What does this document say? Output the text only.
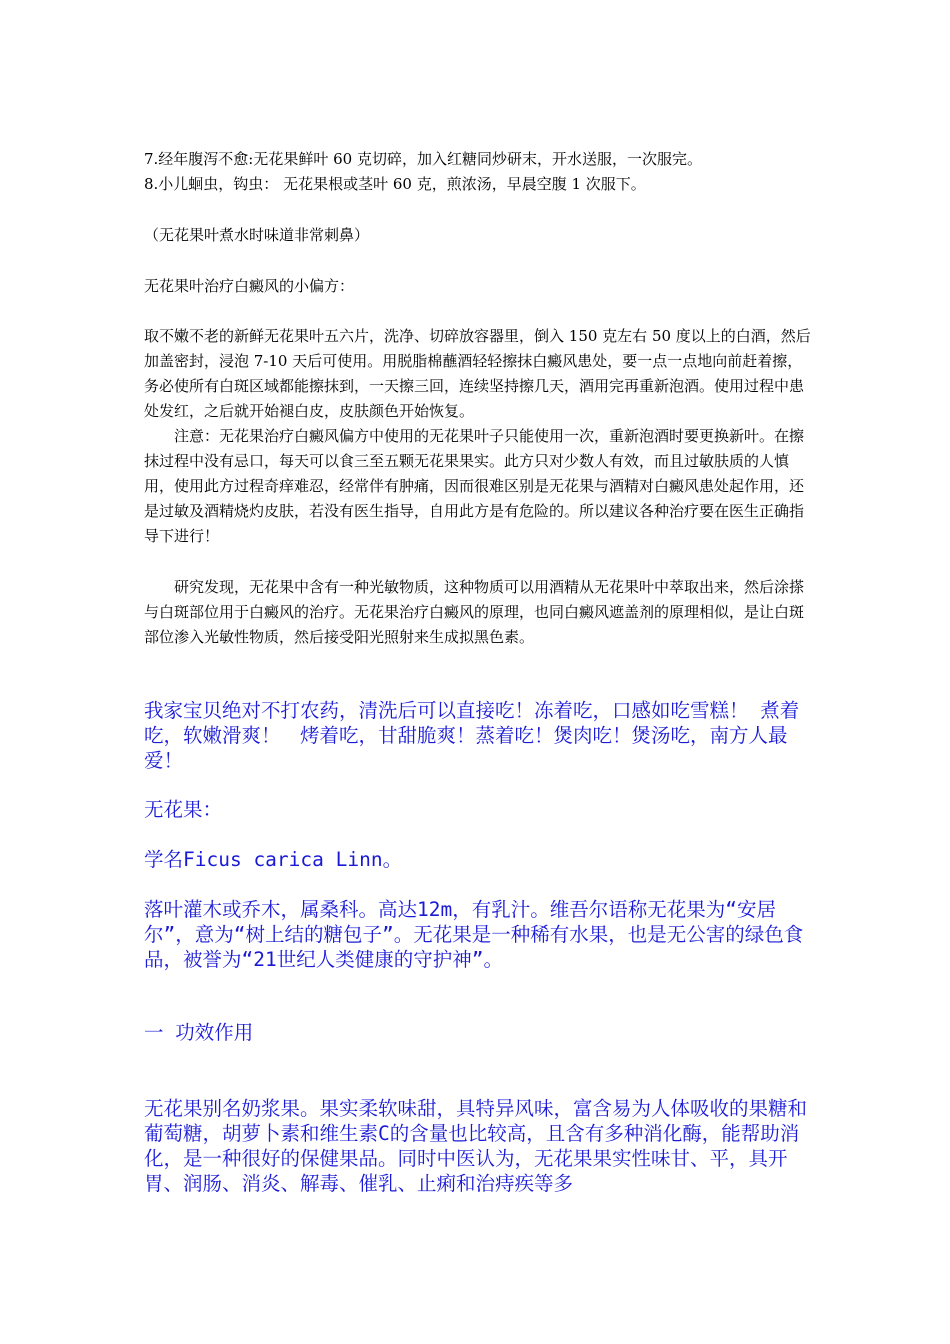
7.经年腹泻不愈:无花果鲜叶 60 克切碎，加入红糖同炒研末，开水送服，一次服完。

8.小儿蛔虫，钩虫： 无花果根或茎叶 60 克，煎浓汤，早晨空腹 1 次服下。

（无花果叶煮水时味道非常刺鼻）

无花果叶治疗白癜风的小偏方：

取不嫩不老的新鲜无花果叶五六片，洗净、切碎放容器里，倒入 150 克左右 50 度以上的白酒，然后加盖密封，浸泡 7-10 天后可使用。用脱脂棉蘸酒轻轻擦抹白癜风患处，要一点一点地向前赶着擦，务必使所有白斑区域都能擦抹到，一天擦三回，连续坚持擦几天，酒用完再重新泡酒。使用过程中患处发红，之后就开始褪白皮，皮肤颜色开始恢复。

注意：无花果治疗白癜风偏方中使用的无花果叶子只能使用一次，重新泡酒时要更换新叶。在擦抹过程中没有忌口，每天可以食三至五颗无花果果实。此方只对少数人有效，而且过敏肤质的人慎用，使用此方过程奇痒难忍，经常伴有肿痛，因而很难区别是无花果与酒精对白癜风患处起作用，还是过敏及酒精烧灼皮肤，若没有医生指导，自用此方是有危险的。所以建议各种治疗要在医生正确指导下进行！

研究发现，无花果中含有一种光敏物质，这种物质可以用酒精从无花果叶中萃取出来，然后涂搽与白斑部位用于白癜风的治疗。无花果治疗白癜风的原理，也同白癜风遮盖剂的原理相似，是让白斑部位渗入光敏性物质，然后接受阳光照射来生成拟黑色素。

我家宝贝绝对不打农药，清洗后可以直接吃！冻着吃，口感如吃雪糕！ 煮着吃，软嫩滑爽！　烤着吃，甘甜脆爽！蒸着吃！煲肉吃！煲汤吃，南方人最爱！

无花果：

学名Ficus carica Linn。

落叶灌木或乔木，属桑科。高达12m，有乳汁。维吾尔语称无花果为“安居尔”，意为“树上结的糖包子”。无花果是一种稀有水果，也是无公害的绿色食品，被誉为“21世纪人类健康的守护神”。

一 功效作用

无花果别名奶浆果。果实柔软味甜，具特异风味，富含易为人体吸收的果糖和葡萄糖，胡萝卜素和维生素C的含量也比较高，且含有多种消化酶，能帮助消化，是一种很好的保健果品。同时中医认为，无花果果实性味甘、平，具开胃、润肠、消炎、解毒、催乳、止痢和治痔疾等多
